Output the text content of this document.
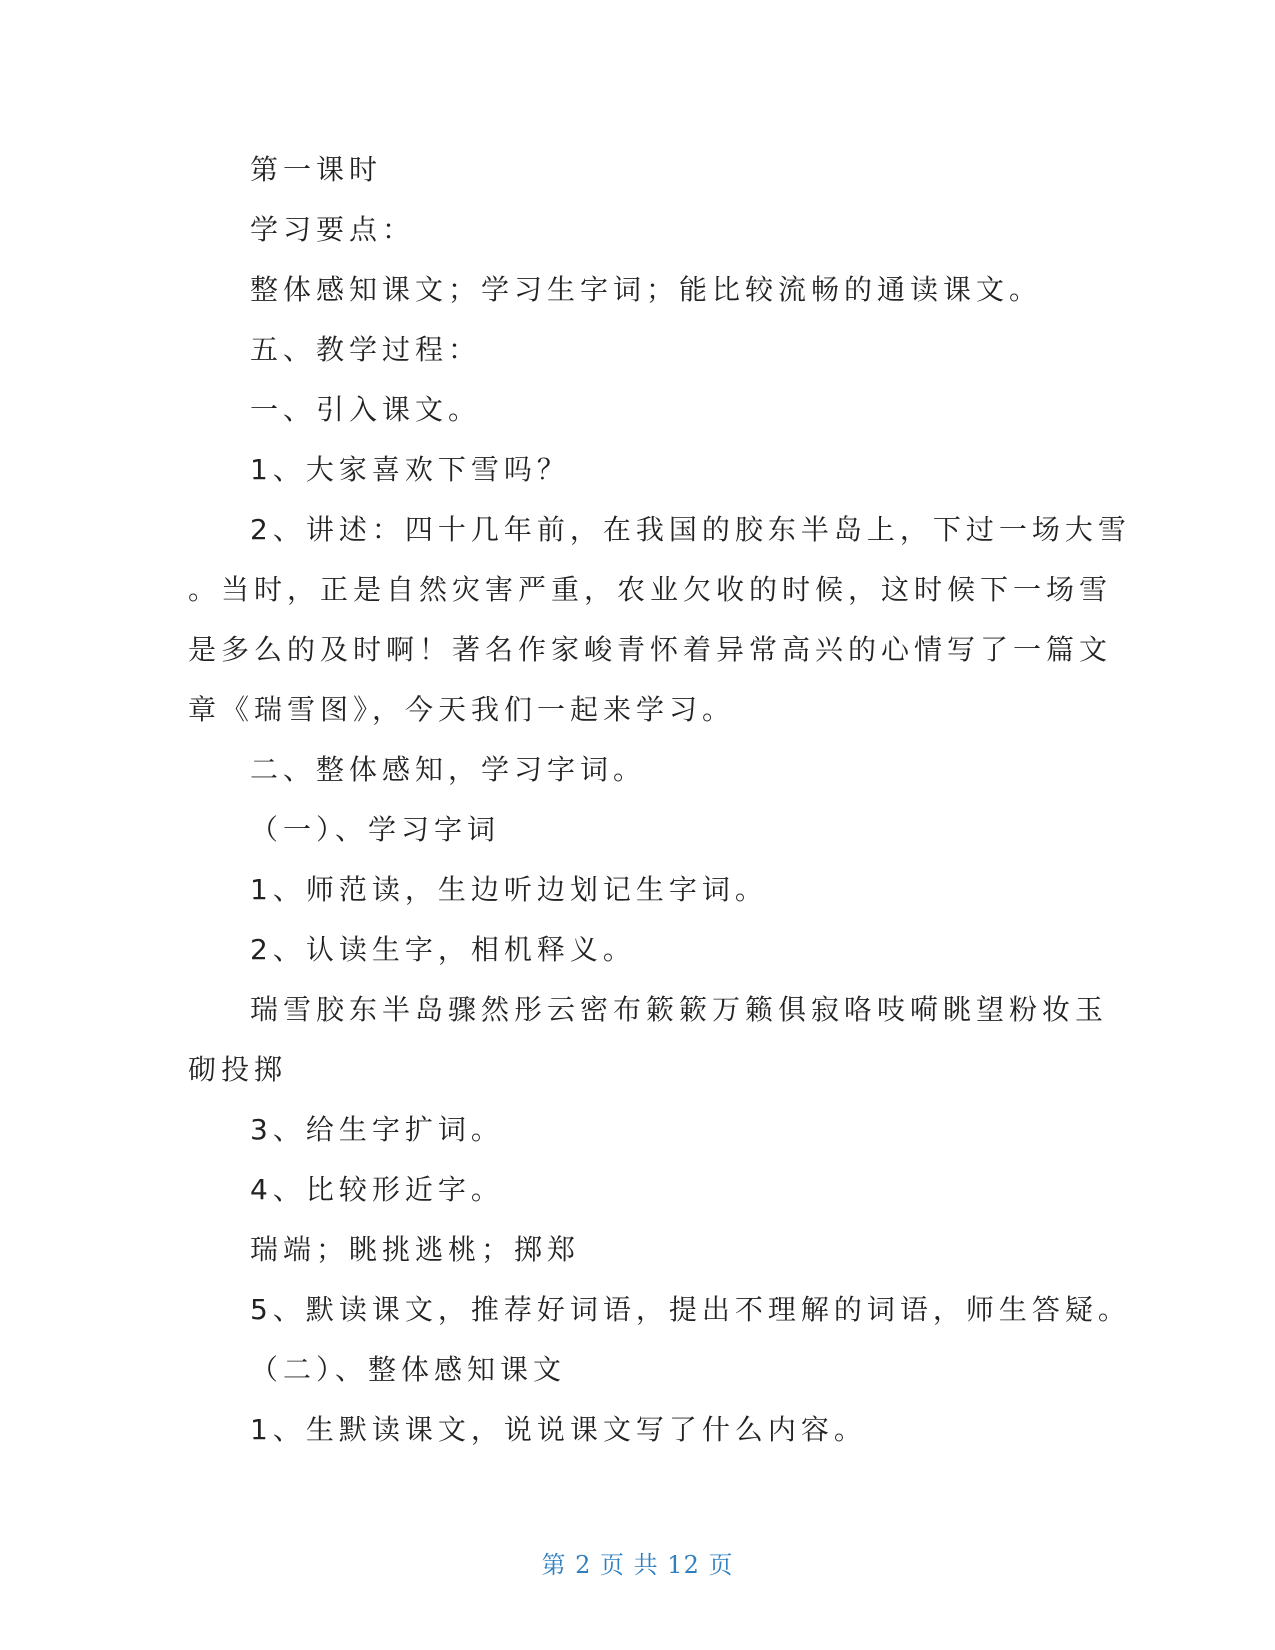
第一课时
学习要点：
整体感知课文；学习生字词；能比较流畅的通读课文。
五、教学过程：
一、引入课文。
1、大家喜欢下雪吗？
2、讲述：四十几年前，在我国的胶东半岛上，下过一场大雪
。当时，正是自然灾害严重，农业欠收的时候，这时候下一场雪
是多么的及时啊！著名作家峻青怀着异常高兴的心情写了一篇文
章《瑞雪图》，今天我们一起来学习。
二、整体感知，学习字词。
（一）、学习字词
1、师范读，生边听边划记生字词。
2、认读生字，相机释义。
瑞雪胶东半岛骤然彤云密布簌簌万籁俱寂咯吱嗬眺望粉妆玉
砌投掷
3、给生字扩词。
4、比较形近字。
瑞端；眺挑逃桃；掷郑
5、默读课文，推荐好词语，提出不理解的词语，师生答疑。
（二）、整体感知课文
1、生默读课文，说说课文写了什么内容。
第 2 页 共 12 页
